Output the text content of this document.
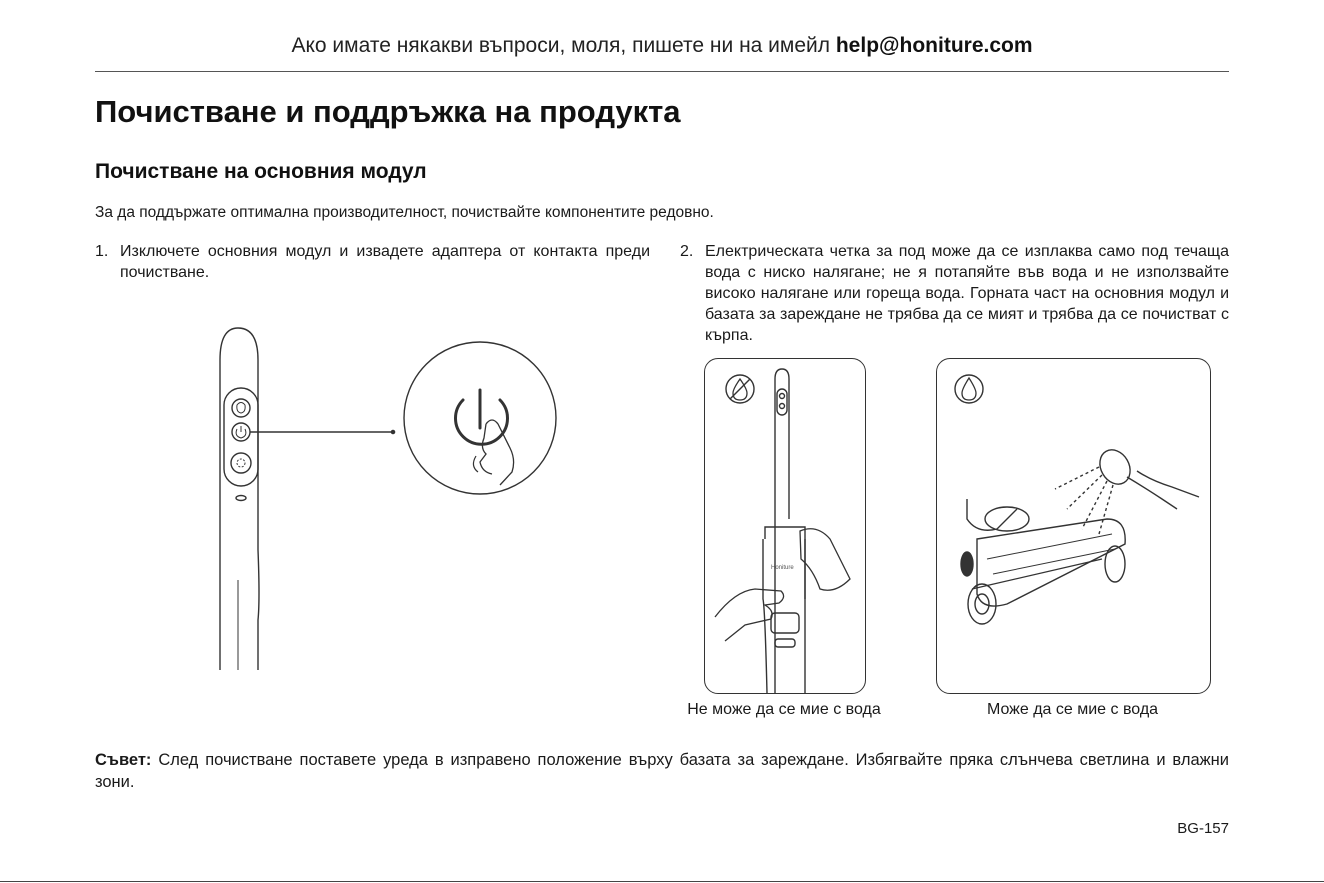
Ако имате някакви въпроси, моля, пишете ни на имейл help@honiture.com
Почистване и поддръжка на продукта
Почистване на основния модул
За да поддържате оптимална производителност, почиствайте компонентите редовно.
1. Изключете основния модул и извадете адаптера от контакта преди почистване.
2. Електрическата четка за под може да се изплаква само под течаща вода с ниско налягане; не я потапяйте във вода и не използвайте високо налягане или гореща вода. Горната част на основния модул и базата за зареждане не трябва да се мият и трябва да се почистват с кърпа.
Honiture
Не може да се мие с вода	Може да се мие с вода
Съвет: След почистване поставете уреда в изправено положение върху базата за зареждане. Избягвайте пряка слънчева светлина и влажни зони.
BG-157
